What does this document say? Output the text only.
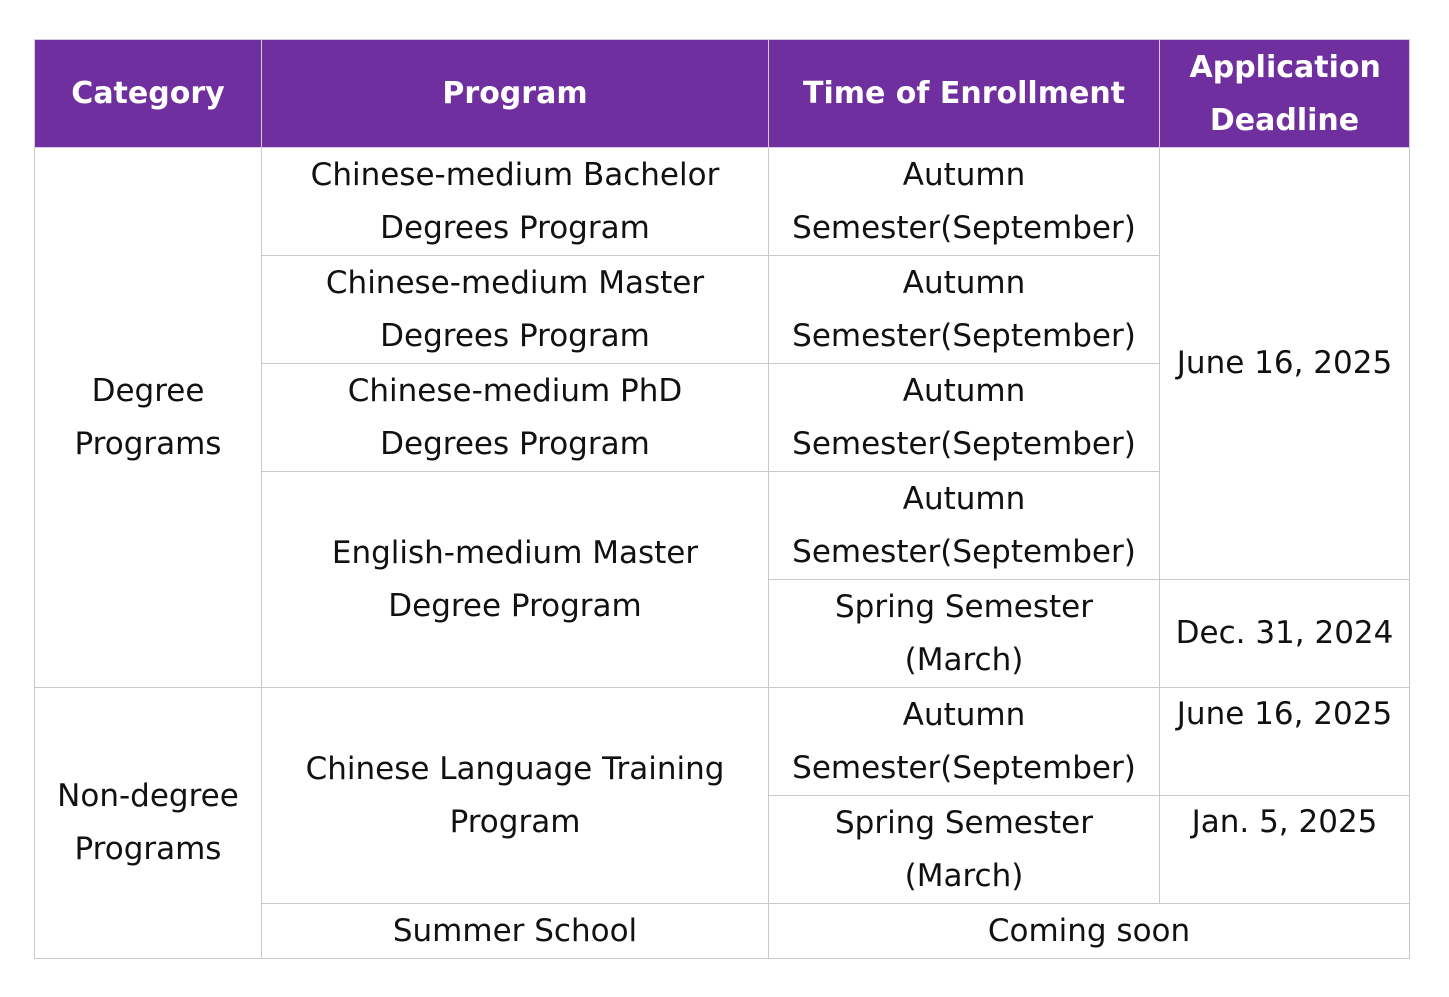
Category	Program	Time of Enrollment	Application Deadline
Degree Programs	Chinese-medium Bachelor Degrees Program	Autumn Semester(September)	June 16, 2025
	Chinese-medium Master Degrees Program	Autumn Semester(September)	
	Chinese-medium PhD Degrees Program	Autumn Semester(September)	
	English-medium Master Degree Program	Autumn Semester(September)	
		Spring Semester (March)	Dec. 31, 2024
Non-degree Programs	Chinese Language Training Program	Autumn Semester(September)	June 16, 2025
		Spring Semester (March)	Jan. 5, 2025
	Summer School	Coming soon	
